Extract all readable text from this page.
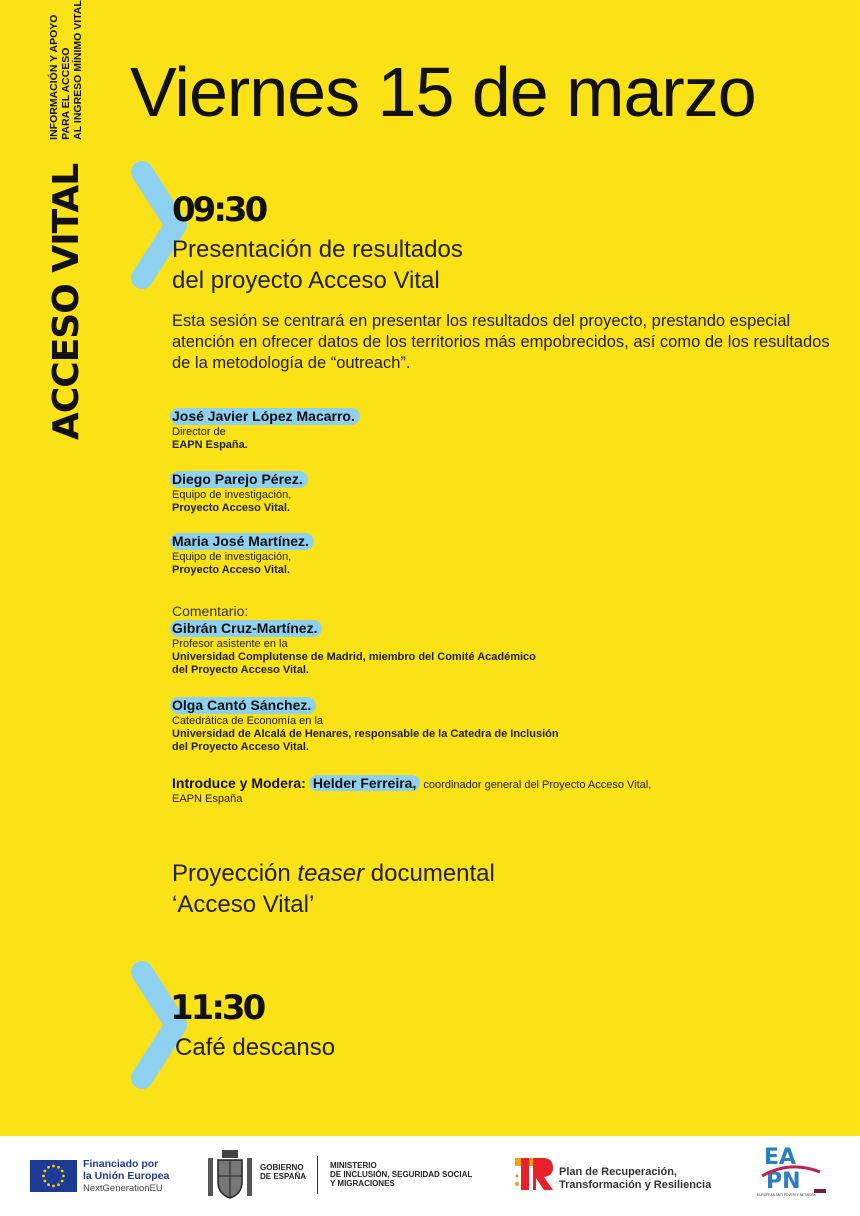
ACCESO VITAL
INFORMACIÓN Y APOYO PARA EL ACCESO AL INGRESO MÍNIMO VITAL Viernes 15 de marzo
09:30
Presentación de resultados
del proyecto Acceso Vital
Esta sesión se centrará en presentar los resultados del proyecto, prestando especial atención en ofrecer datos de los territorios más empobrecidos, así como de los resultados de la metodología de “outreach”.
José Javier López Macarro.
Director de
EAPN España.
Diego Parejo Pérez.
Equipo de investigación,
Proyecto Acceso Vital.
Maria José Martínez.
Equipo de investigación,
Proyecto Acceso Vital.
Comentario:
Gibrán Cruz-Martínez.
Profesor asistente en la
Universidad Complutense de Madrid, miembro del Comité Académico
del Proyecto Acceso Vital.
Olga Cantó Sánchez.
Catedrática de Economía en la
Universidad de Alcalá de Henares, responsable de la Catedra de Inclusión
del Proyecto Acceso Vital.
Introduce y Modera: Helder Ferreira, coordinador general del Proyecto Acceso Vital,
EAPN España
Proyección teaser documental
‘Acceso Vital’
11:30
Café descanso
Financiado por
la Unión Europea
NextGenerationEU
GOBIERNO
DE ESPAÑA
MINISTERIO
DE INCLUSIÓN, SEGURIDAD SOCIAL
Y MIGRACIONES
Plan de Recuperación,
Transformación y Resiliencia
EA
PN
EUROPEAN ANTI POVERTY NETWORK
